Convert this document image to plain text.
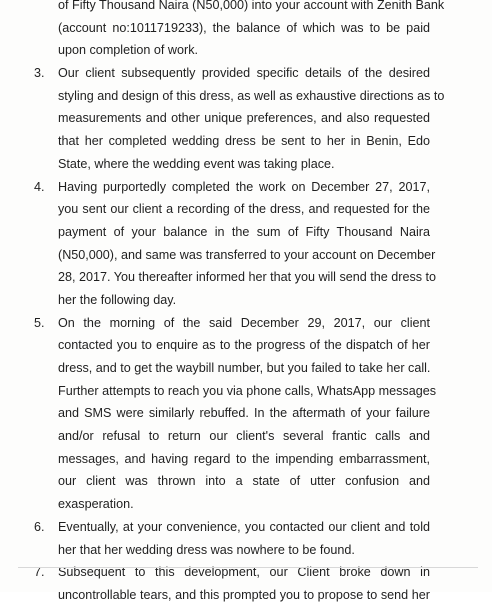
of Fifty Thousand Naira (N50,000) into your account with Zenith Bank
(account no:1011719233), the balance of which was to be paid
upon completion of work.
3. Our client subsequently provided specific details of the desired
styling and design of this dress, as well as exhaustive directions as to
measurements and other unique preferences, and also requested
that her completed wedding dress be sent to her in Benin, Edo
State, where the wedding event was taking place.
4. Having purportedly completed the work on December 27, 2017,
you sent our client a recording of the dress, and requested for the
payment of your balance in the sum of Fifty Thousand Naira
(N50,000), and same was transferred to your account on December
28, 2017. You thereafter informed her that you will send the dress to
her the following day.
5. On the morning of the said December 29, 2017, our client
contacted you to enquire as to the progress of the dispatch of her
dress, and to get the waybill number, but you failed to take her call.
Further attempts to reach you via phone calls, WhatsApp messages
and SMS were similarly rebuffed. In the aftermath of your failure
and/or refusal to return our client's several frantic calls and
messages, and having regard to the impending embarrassment,
our client was thrown into a state of utter confusion and
exasperation.
6. Eventually, at your convenience, you contacted our client and told
her that her wedding dress was nowhere to be found.
7. Subsequent to this development, our Client broke down in
uncontrollable tears, and this prompted you to propose to send her
